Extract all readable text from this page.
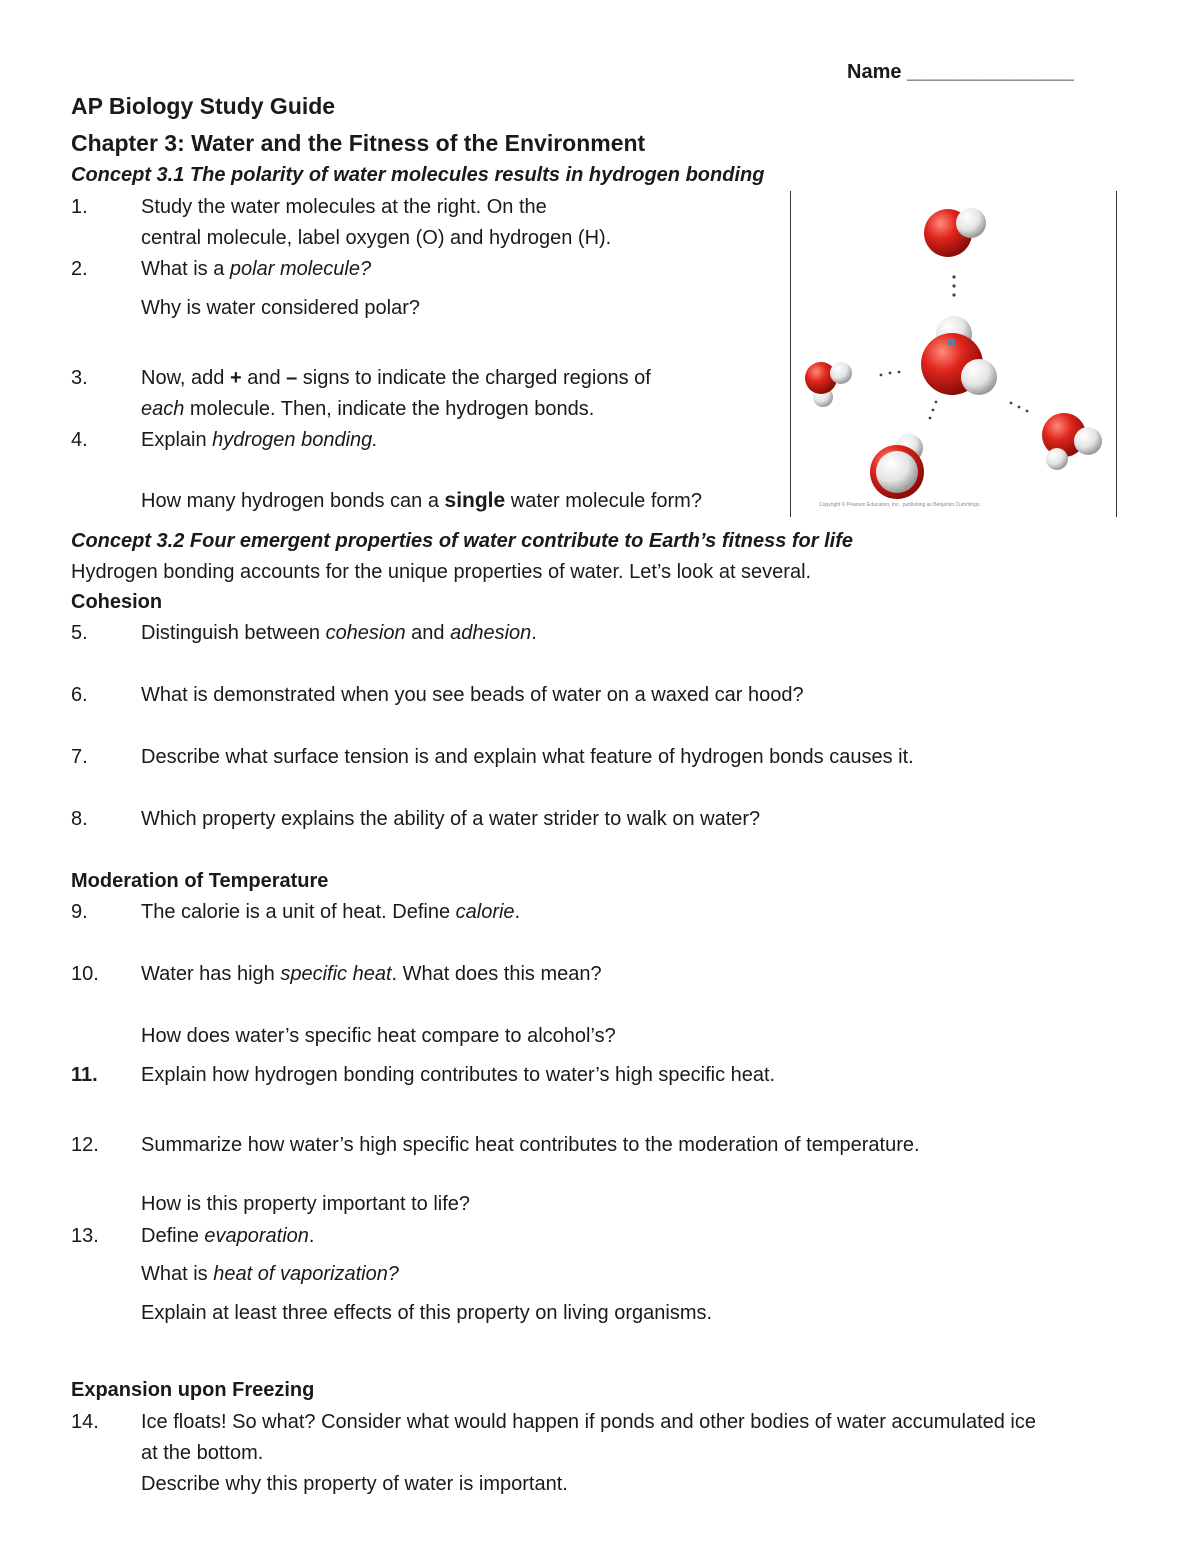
Name _______________
AP Biology Study Guide
Chapter 3: Water and the Fitness of the Environment
Concept 3.1 The polarity of water molecules results in hydrogen bonding
1.	Study the water molecules at the right. On the
central molecule, label oxygen (O) and hydrogen (H).
2.	What is a polar molecule?
Why is water considered polar?
3.	Now, add + and – signs to indicate the charged regions of
each molecule. Then, indicate the hydrogen bonds.
4.	Explain hydrogen bonding.
How many hydrogen bonds can a single water molecule form?	Copyright © Pearson Education, Inc., publishing as Benjamin Cummings.
Concept 3.2 Four emergent properties of water contribute to Earth’s fitness for life
Hydrogen bonding accounts for the unique properties of water. Let’s look at several.
Cohesion
5.	Distinguish between cohesion and adhesion.
6.	What is demonstrated when you see beads of water on a waxed car hood?
7.	Describe what surface tension is and explain what feature of hydrogen bonds causes it.
8.	Which property explains the ability of a water strider to walk on water?
Moderation of Temperature
9.	The calorie is a unit of heat. Define calorie.
10. Water has high specific heat. What does this mean?
How does water’s specific heat compare to alcohol’s?
11. Explain how hydrogen bonding contributes to water’s high specific heat.
12. Summarize how water’s high specific heat contributes to the moderation of temperature.
How is this property important to life?
13. Define evaporation.
What is heat of vaporization?
Explain at least three effects of this property on living organisms.
Expansion upon Freezing
14. Ice floats! So what? Consider what would happen if ponds and other bodies of water accumulated ice
at the bottom.
Describe why this property of water is important.
